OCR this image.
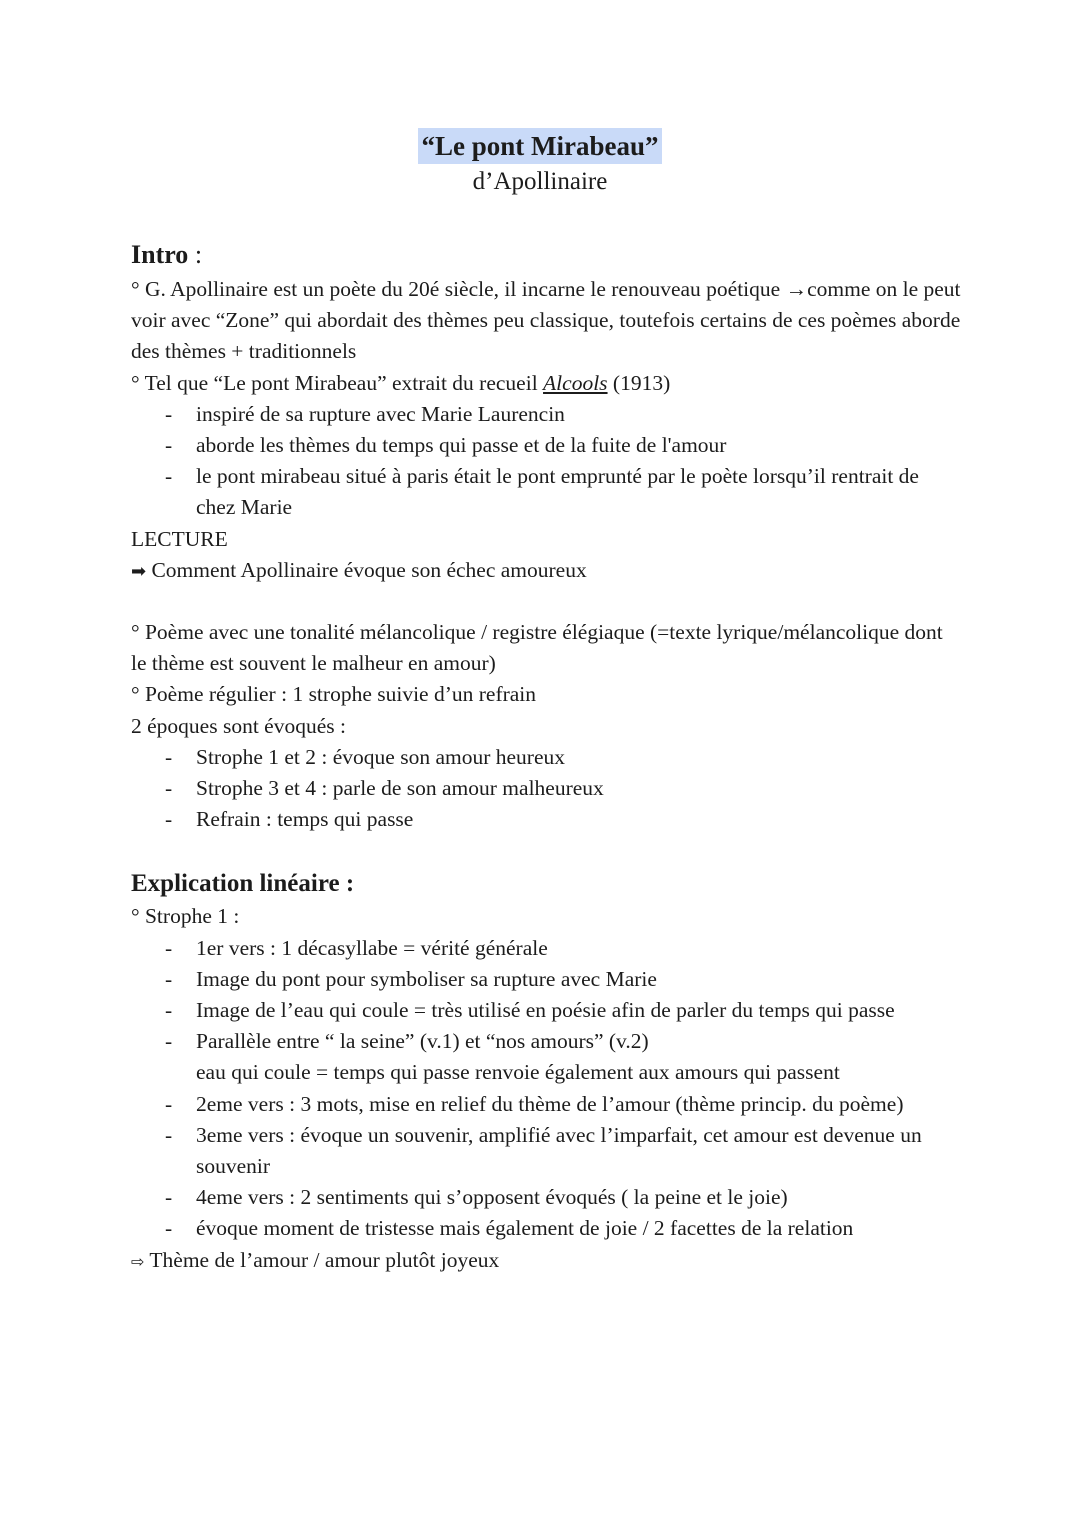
“Le pont Mirabeau”
d’Apollinaire
Intro :

° G. Apollinaire est un poète du 20é siècle, il incarne le renouveau poétique →comme on le peut voir avec “Zone” qui abordait des thèmes peu classique, toutefois certains de ces poèmes aborde des thèmes + traditionnels

° Tel que “Le pont Mirabeau” extrait du recueil Alcools (1913)

- inspiré de sa rupture avec Marie Laurencin
- aborde les thèmes du temps qui passe et de la fuite de l'amour
- le pont mirabeau situé à paris était le pont emprunté par le poète lorsqu’il rentrait de chez Marie

LECTURE

➡ Comment Apollinaire évoque son échec amoureux

° Poème avec une tonalité mélancolique / registre élégiaque (=texte lyrique/mélancolique dont le thème est souvent le malheur en amour)

° Poème régulier : 1 strophe suivie d’un refrain

2 époques sont évoqués :

- Strophe 1 et 2 : évoque son amour heureux
- Strophe 3 et 4 : parle de son amour malheureux
- Refrain : temps qui passe
Explication linéaire :

° Strophe 1 :

- 1er vers : 1 décasyllabe = vérité générale
- Image du pont pour symboliser sa rupture avec Marie
- Image de l’eau qui coule = très utilisé en poésie afin de parler du temps qui passe
- Parallèle entre “ la seine” (v.1) et “nos amours” (v.2)
eau qui coule = temps qui passe renvoie également aux amours qui passent
- 2eme vers : 3 mots, mise en relief du thème de l’amour (thème princip. du poème)
- 3eme vers : évoque un souvenir, amplifié avec l’imparfait, cet amour est devenue un souvenir
- 4eme vers : 2 sentiments qui s’opposent évoqués ( la peine et le joie)
- évoque moment de tristesse mais également de joie / 2 facettes de la relation

⇨ Thème de l’amour / amour plutôt joyeux
